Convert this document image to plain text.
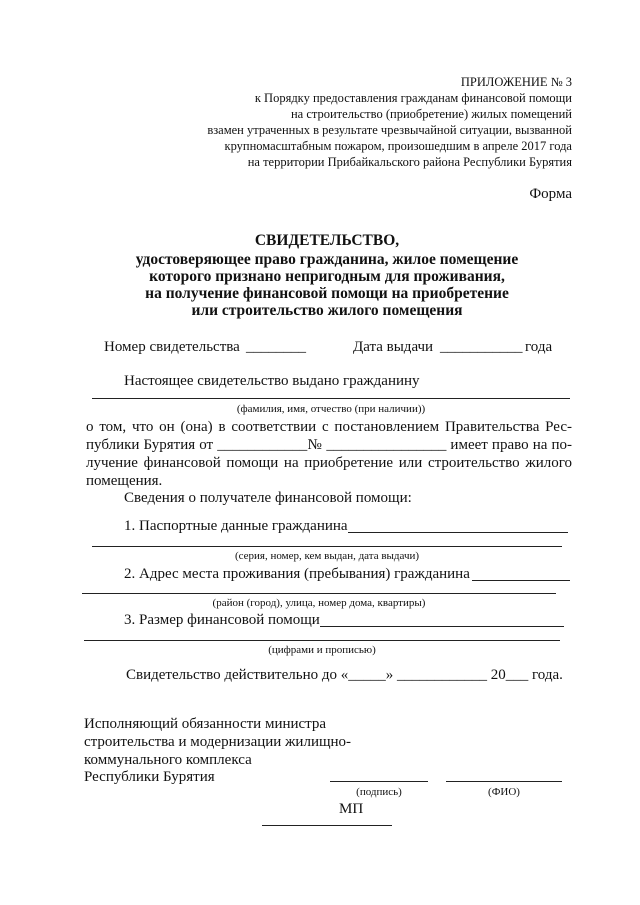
ПРИЛОЖЕНИЕ № 3
к Порядку предоставления гражданам финансовой помощи
на строительство (приобретение) жилых помещений
взамен утраченных в результате чрезвычайной ситуации, вызванной
крупномасштабным пожаром, произошедшим в апреле 2017 года
на территории Прибайкальского района Республики Бурятия
Форма
СВИДЕТЕЛЬСТВО,
удостоверяющее право гражданина, жилое помещение
которого признано непригодным для проживания,
на получение финансовой помощи на приобретение
или строительство жилого помещения
Номер свидетельства ________	Дата выдачи ___________ года
Настоящее свидетельство выдано гражданину
(фамилия, имя, отчество (при наличии))
о том, что он (она) в соответствии с постановлением Правительства Рес-
публики Бурятия от ____________№ ________________ имеет право на по-
лучение финансовой помощи на приобретение или строительство жилого
помещения.
Сведения о получателе финансовой помощи:
1. Паспортные данные гражданина
(серия, номер, кем выдан, дата выдачи)
2. Адрес места проживания (пребывания) гражданина
(район (город), улица, номер дома, квартиры)
3. Размер финансовой помощи
(цифрами и прописью)
Свидетельство действительно до «_____» ____________ 20___ года.
Исполняющий обязанности министра
строительства и модернизации жилищно-
коммунального комплекса
Республики Бурятия
(подпись)	(ФИО)
МП
